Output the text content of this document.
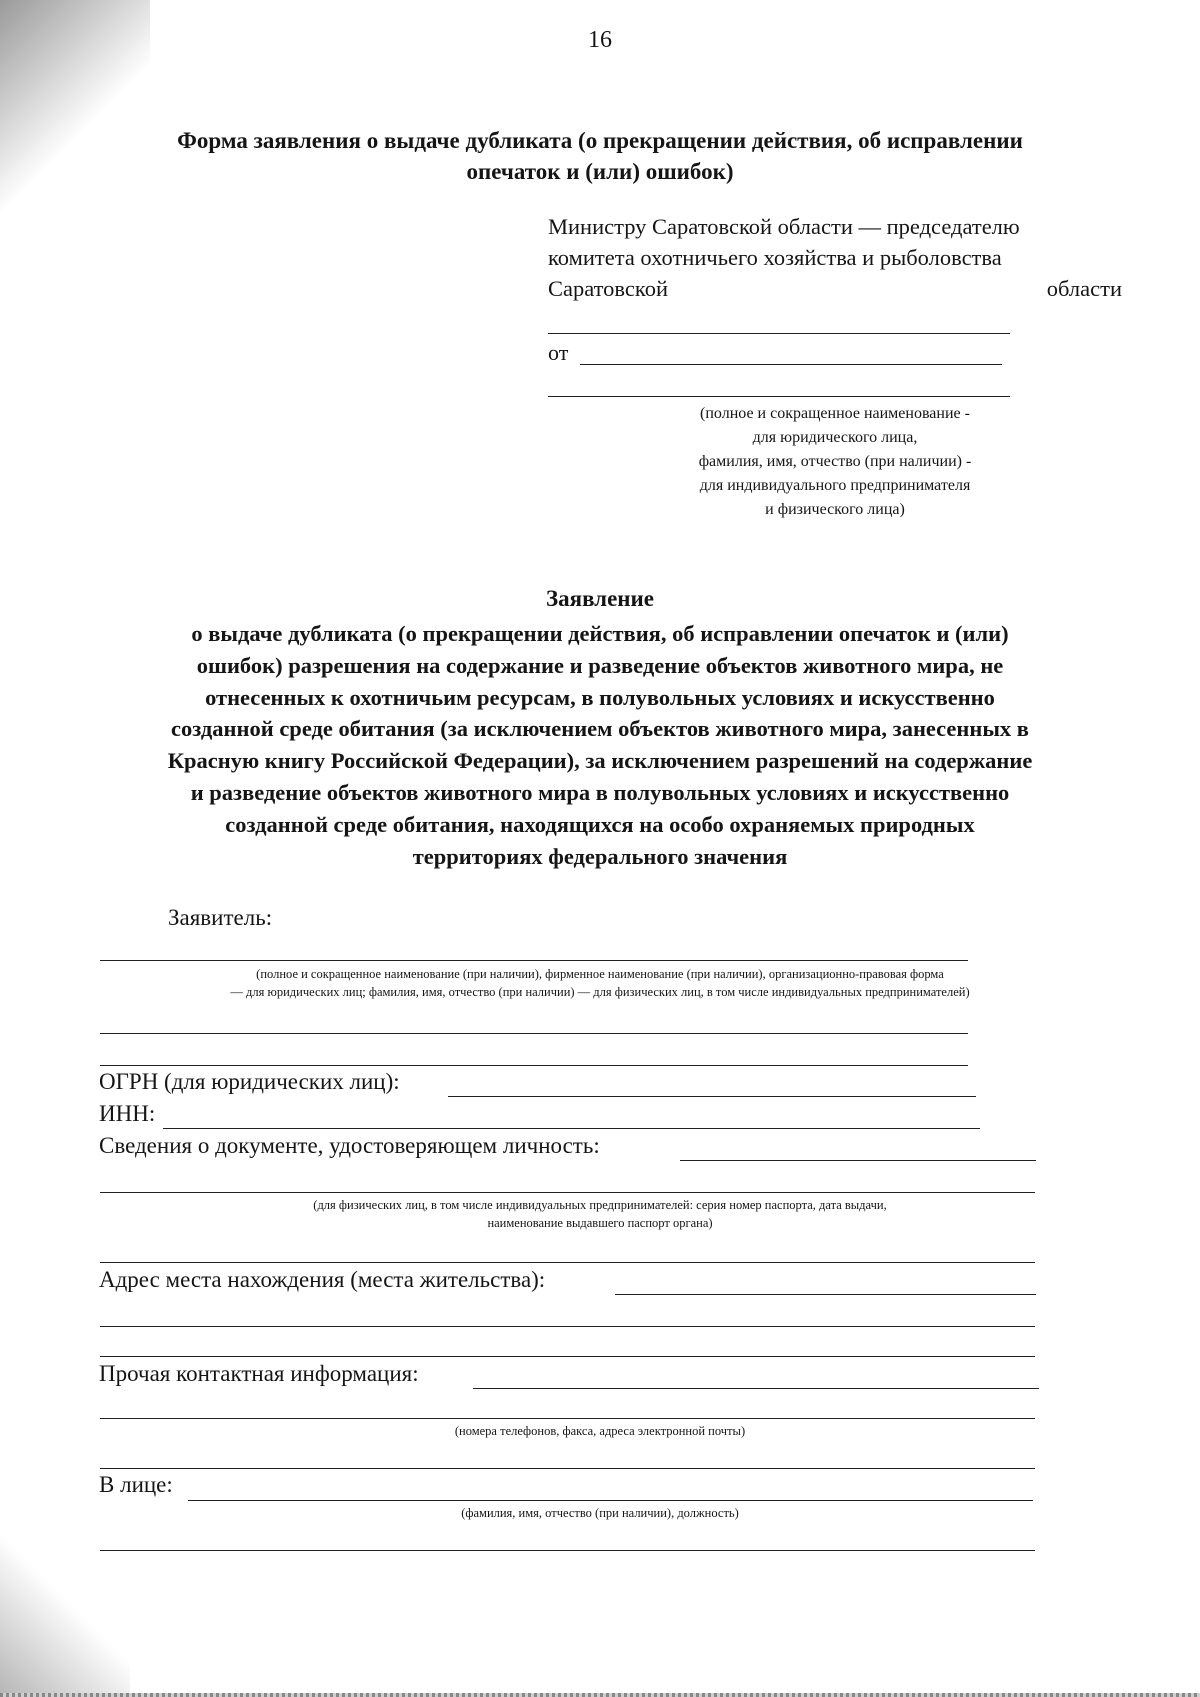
16
Форма заявления о выдаче дубликата (о прекращении действия, об исправлении
опечаток и (или) ошибок)
Министру Саратовской области — председателю
комитета охотничьего хозяйства и рыболовства
Саратовской	области
от
(полное и сокращенное наименование -
для юридического лица,
фамилия, имя, отчество (при наличии) -
для индивидуального предпринимателя
и физического лица)
Заявление
о выдаче дубликата (о прекращении действия, об исправлении опечаток и (или)
ошибок) разрешения на содержание и разведение объектов животного мира, не
отнесенных к охотничьим ресурсам, в полувольных условиях и искусственно
созданной среде обитания (за исключением объектов животного мира, занесенных в
Красную книгу Российской Федерации), за исключением разрешений на содержание
и разведение объектов животного мира в полувольных условиях и искусственно
созданной среде обитания, находящихся на особо охраняемых природных
территориях федерального значения
Заявитель:
(полное и сокращенное наименование (при наличии), фирменное наименование (при наличии), организационно-правовая форма
— для юридических лиц; фамилия, имя, отчество (при наличии) — для физических лиц, в том числе индивидуальных предпринимателей)
ОГРН (для юридических лиц):
ИНН:
Сведения о документе, удостоверяющем личность:
(для физических лиц, в том числе индивидуальных предпринимателей: серия номер паспорта, дата выдачи,
наименование выдавшего паспорт органа)
Адрес места нахождения (места жительства):
Прочая контактная информация:
(номера телефонов, факса, адреса электронной почты)
В лице:
(фамилия, имя, отчество (при наличии), должность)
